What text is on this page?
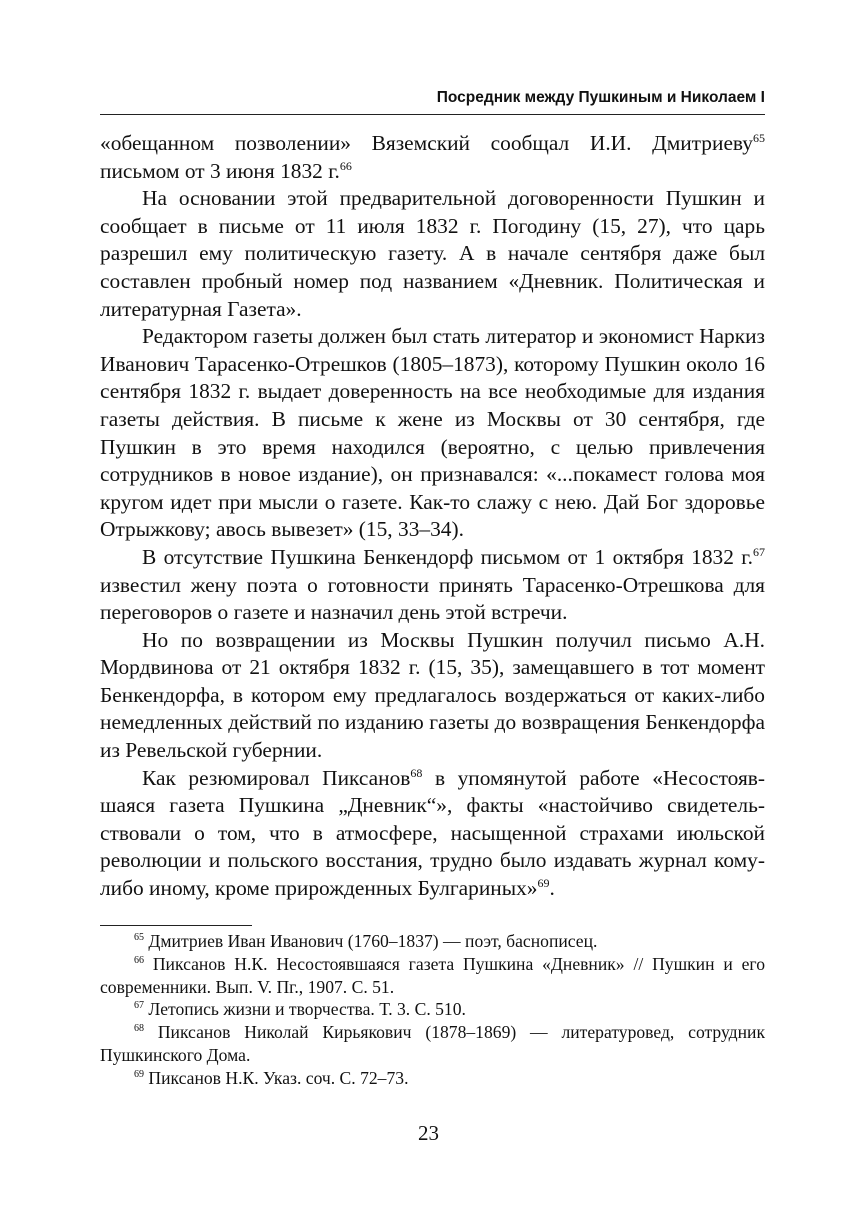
Посредник между Пушкиным и Николаем I

«обещанном позволении» Вяземский сообщал И.И. Дмитриеву$^{65}$ письмом от 3 июня 1832 г.$^{66}$

На основании этой предварительной договоренности Пушкин и сообщает в письме от 11 июля 1832 г. Погодину (15, 27), что царь разрешил ему политическую газету. А в начале сентября даже был составлен пробный номер под названием «Дневник. Политическая и литературная Газета».

Редактором газеты должен был стать литератор и экономист Наркиз Иванович Тарасенко-Отрешков (1805–1873), которому Пушкин около 16 сентября 1832 г. выдает доверенность на все необходимые для издания газеты действия. В письме к жене из Москвы от 30 сентября, где Пушкин в это время находился (вероятно, с целью привлечения сотрудников в новое издание), он признавался: «...покамест голова моя кругом идет при мысли о газете. Как-то слажу с нею. Дай Бог здоровье Отрыжкову; авось вывезет» (15, 33–34).

В отсутствие Пушкина Бенкендорф письмом от 1 октября 1832 г.$^{67}$ известил жену поэта о готовности принять Тарасенко-Отрешкова для переговоров о газете и назначил день этой встречи.

Но по возвращении из Москвы Пушкин получил письмо А.Н. Мордвинова от 21 октября 1832 г. (15, 35), замещавшего в тот момент Бенкендорфа, в котором ему предлагалось воздержаться от каких-либо немедленных действий по изданию газеты до возвращения Бенкендорфа из Ревельской губернии.

Как резюмировал Пиксанов$^{68}$ в упомянутой работе «Несостоявшаяся газета Пушкина „Дневник“», факты «настойчиво свидетельствовали о том, что в атмосфере, насыщенной страхами июльской революции и польского восстания, трудно было издавать журнал кому-либо иному, кроме прирожденных Булгариных»$^{69}$.

$^{65}$ Дмитриев Иван Иванович (1760–1837) — поэт, баснописец.

$^{66}$ Пиксанов Н.К. Несостоявшаяся газета Пушкина «Дневник» // Пушкин и его современники. Вып. V. Пг., 1907. С. 51.

$^{67}$ Летопись жизни и творчества. Т. 3. С. 510.

$^{68}$ Пиксанов Николай Кирьякович (1878–1869) — литературовед, сотрудник Пушкинского Дома.

$^{69}$ Пиксанов Н.К. Указ. соч. С. 72–73.

23
